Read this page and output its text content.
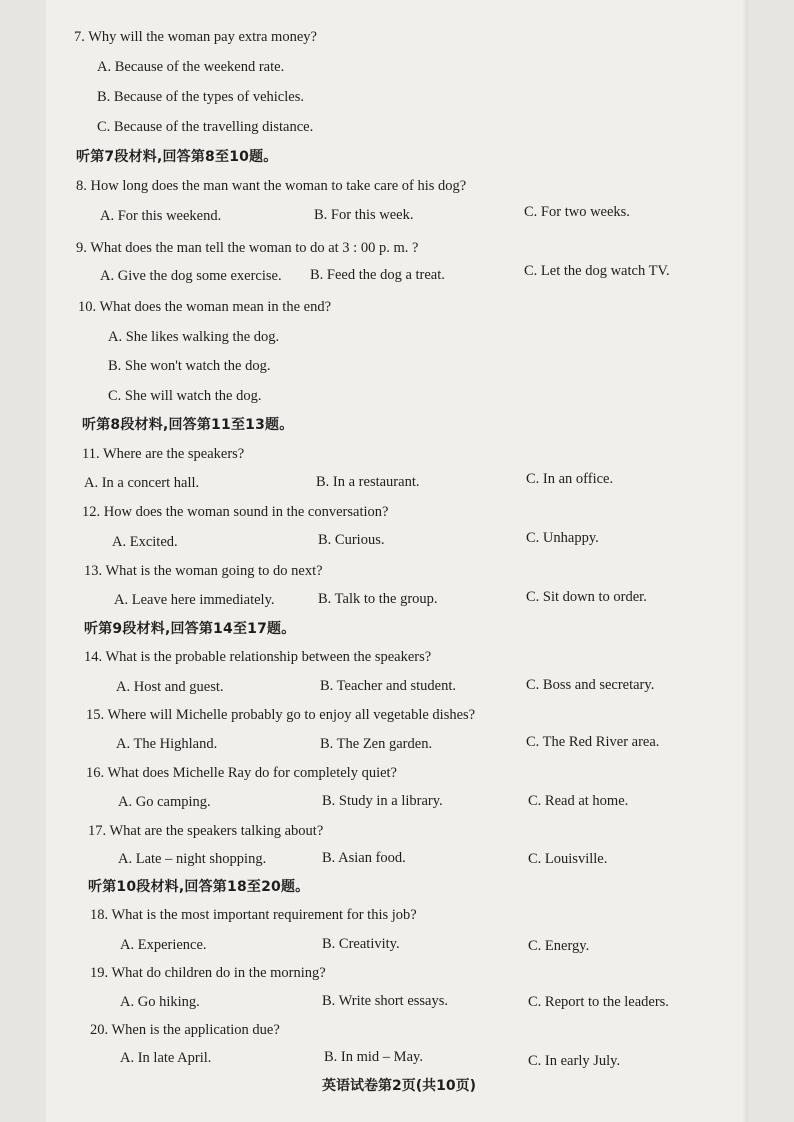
7. Why will the woman pay extra money?
A. Because of the weekend rate.
B. Because of the types of vehicles.
C. Because of the travelling distance.
听第7段材料,回答第8至10题。
8. How long does the man want the woman to take care of his dog?
A. For this weekend.	B. For this week.	C. For two weeks.
9. What does the man tell the woman to do at 3 : 00 p. m. ?
A. Give the dog some exercise. B. Feed the dog a treat.	C. Let the dog watch TV.
10. What does the woman mean in the end?
A. She likes walking the dog.
B. She won't watch the dog.
C. She will watch the dog.
听第8段材料,回答第11至13题。
11. Where are the speakers?
A. In a concert hall.	B. In a restaurant.	C. In an office.
12. How does the woman sound in the conversation?
A. Excited.	B. Curious.	C. Unhappy.
13. What is the woman going to do next?
A. Leave here immediately.	B. Talk to the group.	C. Sit down to order.
听第9段材料,回答第14至17题。
14. What is the probable relationship between the speakers?
A. Host and guest.	B. Teacher and student.	C. Boss and secretary.
15. Where will Michelle probably go to enjoy all vegetable dishes?
A. The Highland.	B. The Zen garden.	C. The Red River area.
16. What does Michelle Ray do for completely quiet?
A. Go camping.	B. Study in a library.	C. Read at home.
17. What are the speakers talking about?
A. Late – night shopping.	B. Asian food.	C. Louisville.
听第10段材料,回答第18至20题。
18. What is the most important requirement for this job?
A. Experience.	B. Creativity.	C. Energy.
19. What do children do in the morning?
A. Go hiking.	B. Write short essays.	C. Report to the leaders.
20. When is the application due?
A. In late April.	B. In mid – May.	C. In early July.
英语试卷第2页(共10页)
